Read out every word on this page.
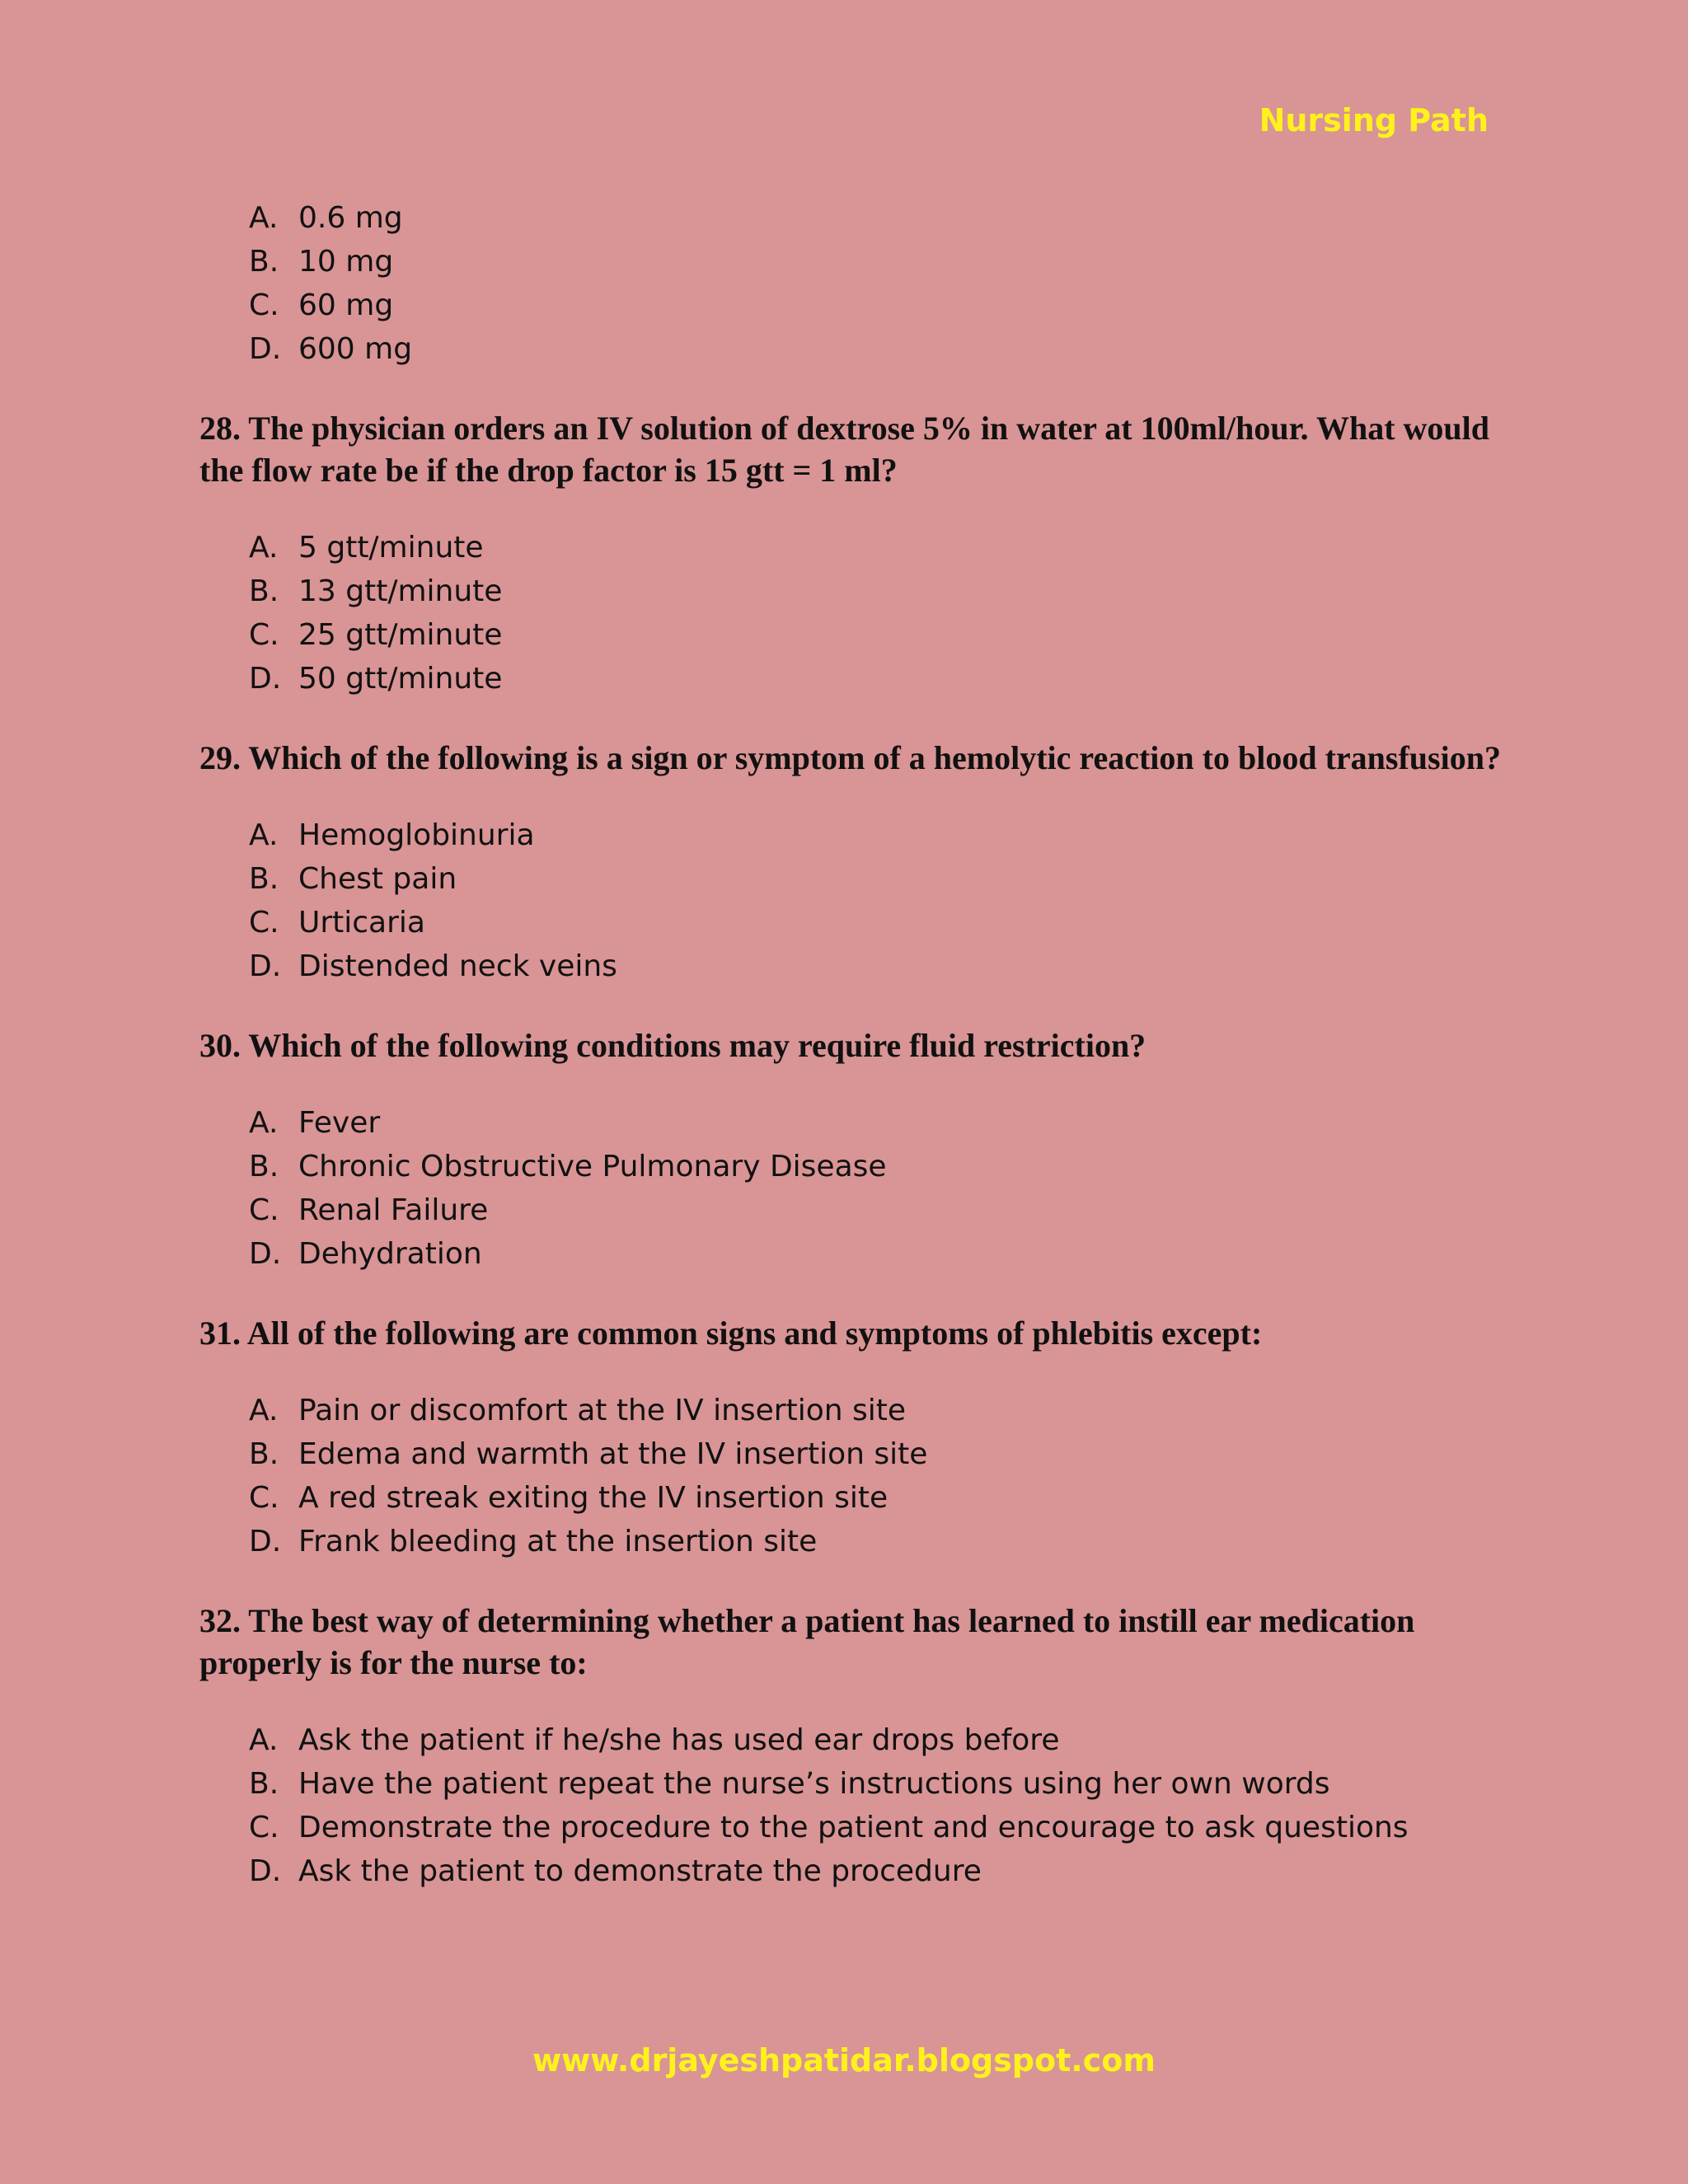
Nursing Path
A. 0.6 mg
B. 10 mg
C. 60 mg
D. 600 mg
28. The physician orders an IV solution of dextrose 5% in water at 100ml/hour. What would the flow rate be if the drop factor is 15 gtt = 1 ml?
A. 5 gtt/minute
B. 13 gtt/minute
C. 25 gtt/minute
D. 50 gtt/minute
29. Which of the following is a sign or symptom of a hemolytic reaction to blood transfusion?
A. Hemoglobinuria
B. Chest pain
C. Urticaria
D. Distended neck veins
30. Which of the following conditions may require fluid restriction?
A. Fever
B. Chronic Obstructive Pulmonary Disease
C. Renal Failure
D. Dehydration
31. All of the following are common signs and symptoms of phlebitis except:
A. Pain or discomfort at the IV insertion site
B. Edema and warmth at the IV insertion site
C. A red streak exiting the IV insertion site
D. Frank bleeding at the insertion site
32. The best way of determining whether a patient has learned to instill ear medication properly is for the nurse to:
A. Ask the patient if he/she has used ear drops before
B. Have the patient repeat the nurse’s instructions using her own words
C. Demonstrate the procedure to the patient and encourage to ask questions
D. Ask the patient to demonstrate the procedure
www.drjayeshpatidar.blogspot.com
